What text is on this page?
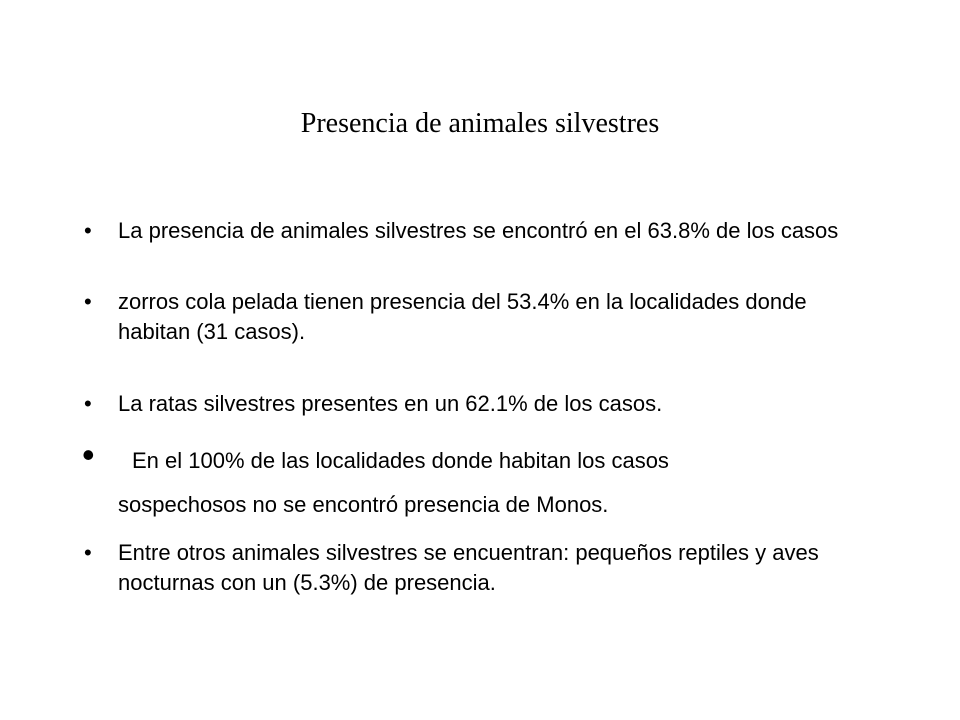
Presencia de animales silvestres
• La presencia de animales silvestres se encontró en el 63.8% de los casos
• zorros cola pelada tienen presencia del 53.4% en la localidades donde habitan (31 casos).
• La ratas silvestres presentes en un 62.1% de los casos.
•	En el 100% de las localidades donde habitan los casos
sospechosos no se encontró presencia de Monos.
• Entre otros animales silvestres se encuentran: pequeños reptiles y aves nocturnas con un (5.3%) de presencia.
